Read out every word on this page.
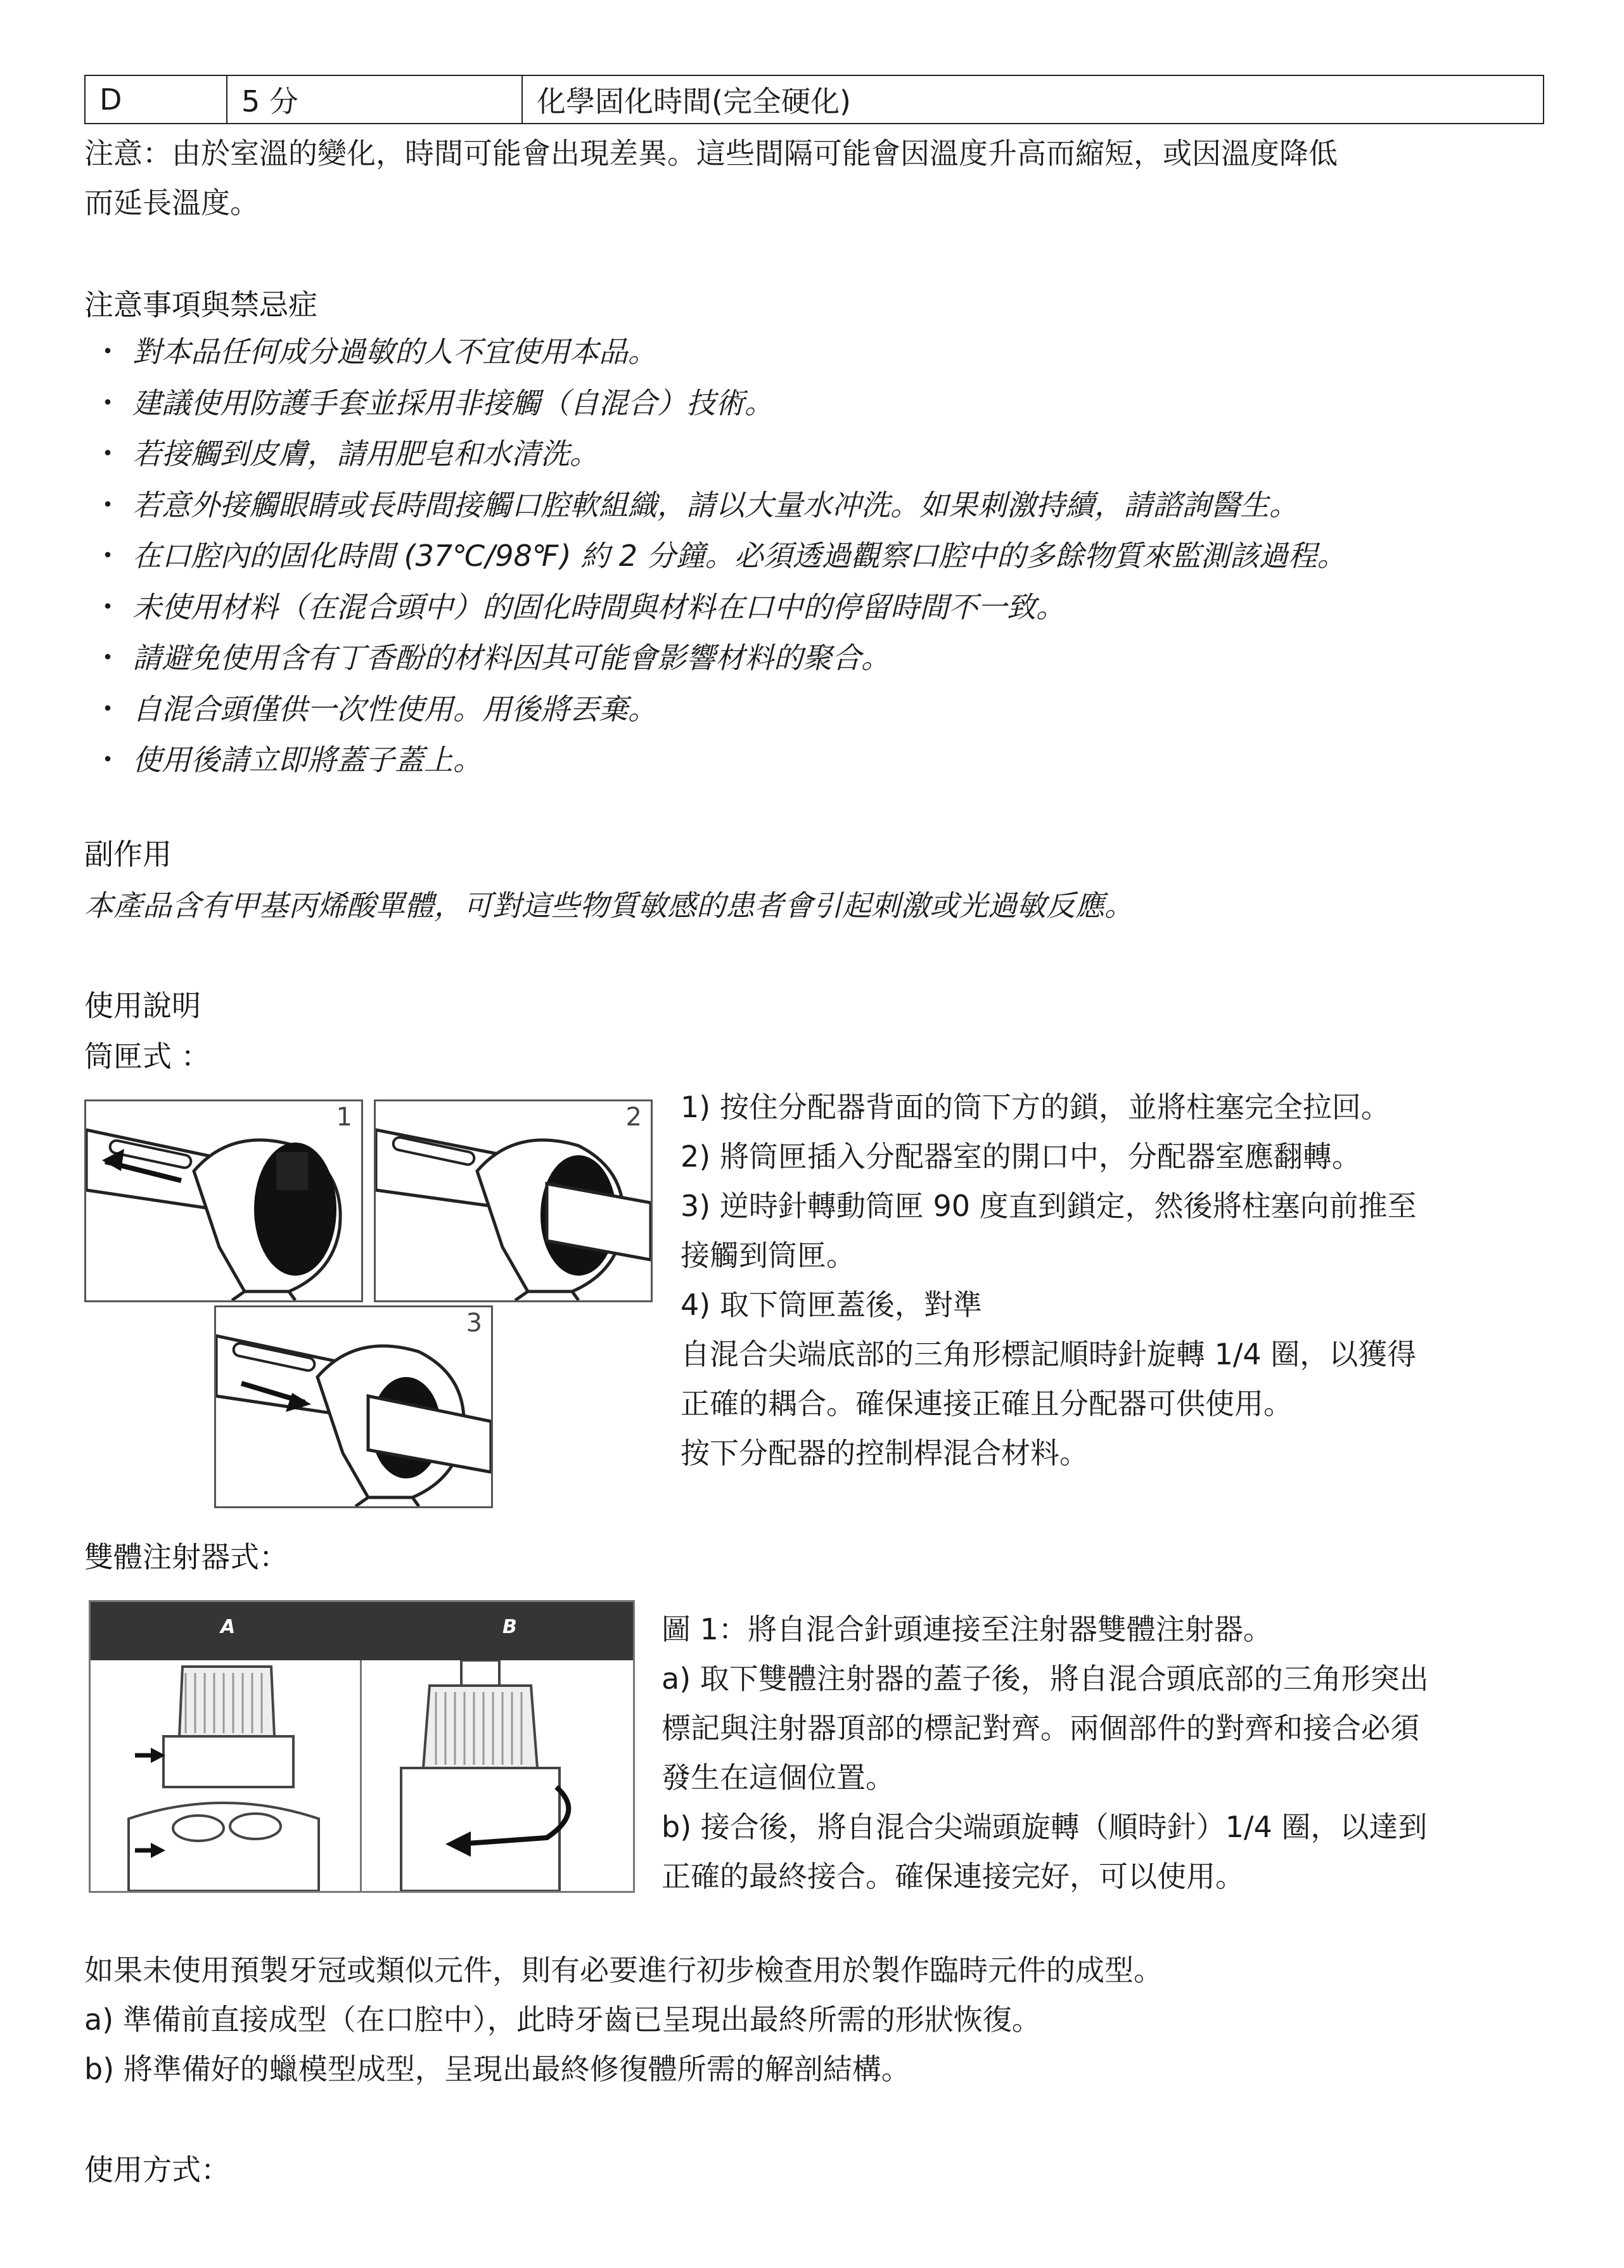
D	5 分	化學固化時間(完全硬化)

注意：由於室溫的變化，時間可能會出現差異。這些間隔可能會因溫度升高而縮短，或因溫度降低

而延長溫度。

注意事項與禁忌症

・ 對本品任何成分過敏的人不宜使用本品。
・ 建議使用防護手套並採用非接觸（自混合）技術。
・ 若接觸到皮膚，請用肥皂和水清洗。
・ 若意外接觸眼睛或長時間接觸口腔軟組織，請以大量水冲洗。如果刺激持續，請諮詢醫生。
・ 在口腔內的固化時間 (37℃/98℉) 約 2 分鐘。必須透過觀察口腔中的多餘物質來監測該過程。
・ 未使用材料（在混合頭中）的固化時間與材料在口中的停留時間不一致。
・ 請避免使用含有丁香酚的材料因其可能會影響材料的聚合。
・ 自混合頭僅供一次性使用。用後將丟棄。
・ 使用後請立即將蓋子蓋上。

副作用

本產品含有甲基丙烯酸單體，可對這些物質敏感的患者會引起刺激或光過敏反應。

使用說明

筒匣式 ：

1	2
3

1) 按住分配器背面的筒下方的鎖，並將柱塞完全拉回。

2) 將筒匣插入分配器室的開口中，分配器室應翻轉。

3) 逆時針轉動筒匣 90 度直到鎖定，然後將柱塞向前推至

接觸到筒匣。

4) 取下筒匣蓋後，對準

自混合尖端底部的三角形標記順時針旋轉 1/4 圈，以獲得

正確的耦合。確保連接正確且分配器可供使用。

按下分配器的控制桿混合材料。

雙體注射器式：

A	B	圖 1：將自混合針頭連接至注射器雙體注射器。

a) 取下雙體注射器的蓋子後，將自混合頭底部的三角形突出

標記與注射器頂部的標記對齊。兩個部件的對齊和接合必須

發生在這個位置。

b) 接合後，將自混合尖端頭旋轉（順時針）1/4 圈，以達到

正確的最終接合。確保連接完好，可以使用。

如果未使用預製牙冠或類似元件，則有必要進行初步檢查用於製作臨時元件的成型。

a) 準備前直接成型（在口腔中），此時牙齒已呈現出最終所需的形狀恢復。

b) 將準備好的蠟模型成型，呈現出最終修復體所需的解剖結構。

使用方式：
